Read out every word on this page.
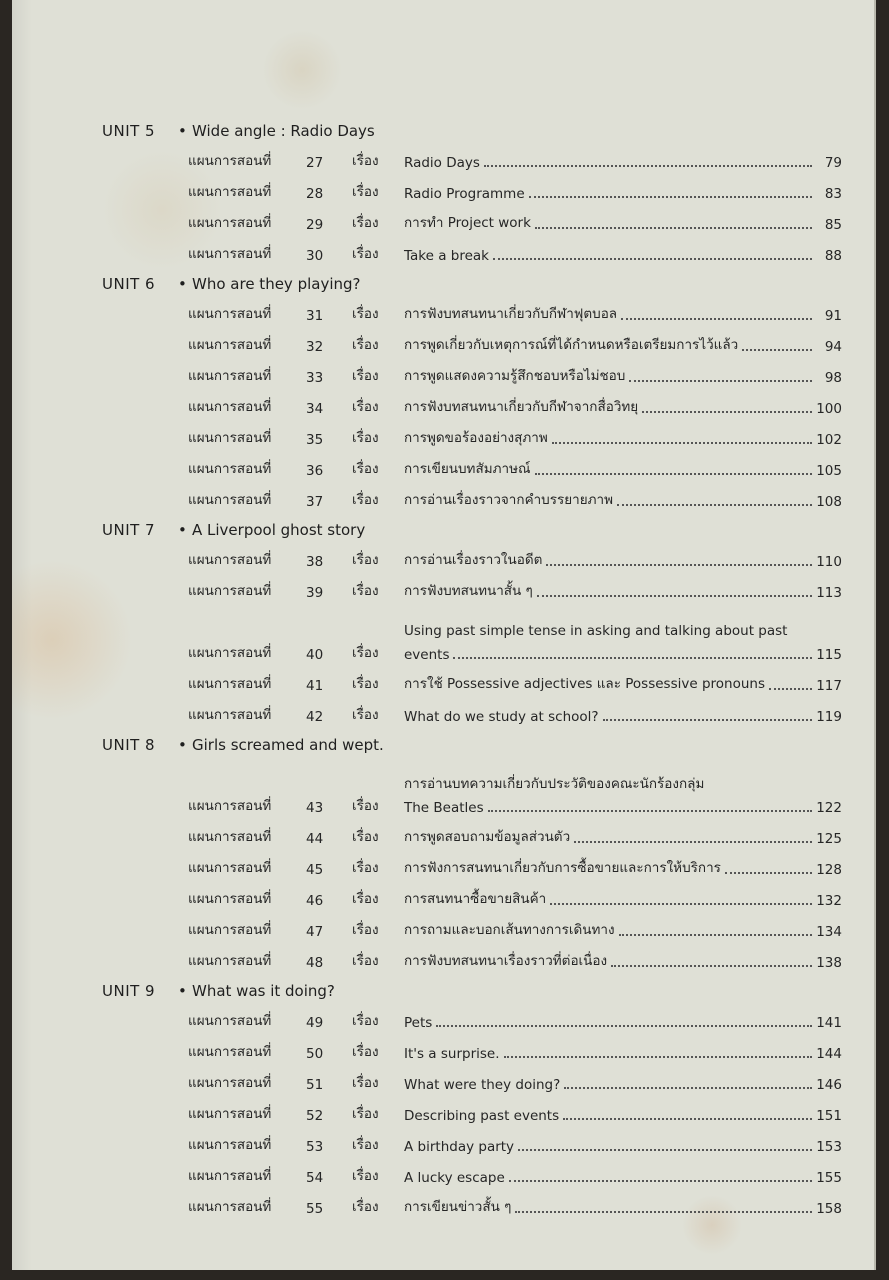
UNIT 5	• Wide angle : Radio Days
แผนการสอนที่	27	เรื่อง	Radio Days	79
แผนการสอนที่	28	เรื่อง	Radio Programme	83
แผนการสอนที่	29	เรื่อง	การทำ Project work	85
แผนการสอนที่	30	เรื่อง	Take a break	88
UNIT 6	• Who are they playing?
แผนการสอนที่	31	เรื่อง	การฟังบทสนทนาเกี่ยวกับกีฬาฟุตบอล	91
แผนการสอนที่	32	เรื่อง	การพูดเกี่ยวกับเหตุการณ์ที่ได้กำหนดหรือเตรียมการไว้แล้ว	94
แผนการสอนที่	33	เรื่อง	การพูดแสดงความรู้สึกชอบหรือไม่ชอบ	98
แผนการสอนที่	34	เรื่อง	การฟังบทสนทนาเกี่ยวกับกีฬาจากสื่อวิทยุ	100
แผนการสอนที่	35	เรื่อง	การพูดขอร้องอย่างสุภาพ	102
แผนการสอนที่	36	เรื่อง	การเขียนบทสัมภาษณ์	105
แผนการสอนที่	37	เรื่อง	การอ่านเรื่องราวจากคำบรรยายภาพ	108
UNIT 7	• A Liverpool ghost story
แผนการสอนที่	38	เรื่อง	การอ่านเรื่องราวในอดีต	110
แผนการสอนที่	39	เรื่อง	การฟังบทสนทนาสั้น ๆ	113
แผนการสอนที่	40	เรื่อง
Using past simple tense in asking and talking about past
events	115
แผนการสอนที่	41	เรื่อง	การใช้ Possessive adjectives และ Possessive pronouns	117
แผนการสอนที่	42	เรื่อง	What do we study at school?	119
UNIT 8	• Girls screamed and wept.
แผนการสอนที่	43	เรื่อง
การอ่านบทความเกี่ยวกับประวัติของคณะนักร้องกลุ่ม
The Beatles	122
แผนการสอนที่	44	เรื่อง	การพูดสอบถามข้อมูลส่วนตัว	125
แผนการสอนที่	45	เรื่อง	การฟังการสนทนาเกี่ยวกับการซื้อขายและการให้บริการ	128
แผนการสอนที่	46	เรื่อง	การสนทนาซื้อขายสินค้า	132
แผนการสอนที่	47	เรื่อง	การถามและบอกเส้นทางการเดินทาง	134
แผนการสอนที่	48	เรื่อง	การฟังบทสนทนาเรื่องราวที่ต่อเนื่อง	138
UNIT 9	• What was it doing?
แผนการสอนที่	49	เรื่อง	Pets	141
แผนการสอนที่	50	เรื่อง	It's a surprise.	144
แผนการสอนที่	51	เรื่อง	What were they doing?	146
แผนการสอนที่	52	เรื่อง	Describing past events	151
แผนการสอนที่	53	เรื่อง	A birthday party	153
แผนการสอนที่	54	เรื่อง	A lucky escape	155
แผนการสอนที่	55	เรื่อง	การเขียนข่าวสั้น ๆ	158
